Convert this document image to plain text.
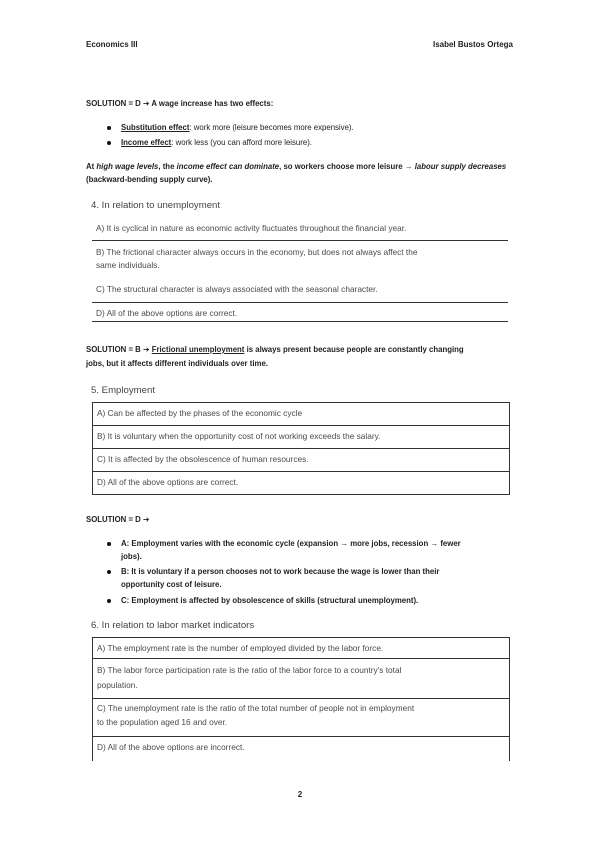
Economics III	Isabel Bustos Ortega
SOLUTION = D ➔ A wage increase has two effects:
Substitution effect: work more (leisure becomes more expensive).
Income effect: work less (you can afford more leisure).
At high wage levels, the income effect can dominate, so workers choose more leisure → labour supply decreases (backward-bending supply curve).
4. In relation to unemployment
A) It is cyclical in nature as economic activity fluctuates throughout the financial year.
B) The frictional character always occurs in the economy, but does not always affect the
same individuals.
C) The structural character is always associated with the seasonal character.
D) All of the above options are correct.
SOLUTION = B ➔ Frictional unemployment is always present because people are constantly changing
jobs, but it affects different individuals over time.
5. Employment
A) Can be affected by the phases of the economic cycle
B) It is voluntary when the opportunity cost of not working exceeds the salary.
C) It is affected by the obsolescence of human resources.
D) All of the above options are correct.
SOLUTION = D ➔
A: Employment varies with the economic cycle (expansion → more jobs, recession → fewer
jobs).
B: It is voluntary if a person chooses not to work because the wage is lower than their
opportunity cost of leisure.
C: Employment is affected by obsolescence of skills (structural unemployment).
6. In relation to labor market indicators
A) The employment rate is the number of employed divided by the labor force.
B) The labor force participation rate is the ratio of the labor force to a country's total
population.
C) The unemployment rate is the ratio of the total number of people not in employment
to the population aged 16 and over.
D) All of the above options are incorrect.
2
